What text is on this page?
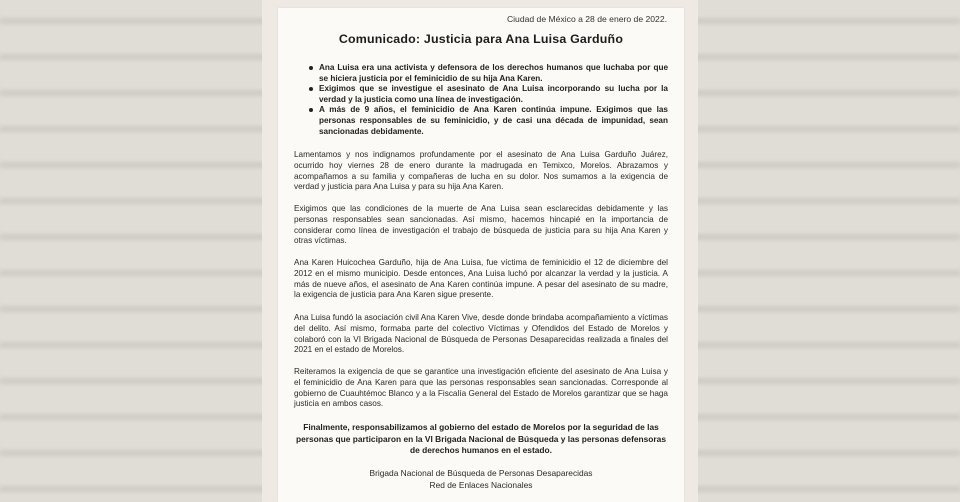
Ciudad de México a 28 de enero de 2022.
Comunicado: Justicia para Ana Luisa Garduño
Ana Luisa era una activista y defensora de los derechos humanos que luchaba por que se hiciera justicia por el feminicidio de su hija Ana Karen.
Exigimos que se investigue el asesinato de Ana Luisa incorporando su lucha por la verdad y la justicia como una línea de investigación.
A más de 9 años, el feminicidio de Ana Karen continúa impune. Exigimos que las personas responsables de su feminicidio, y de casi una década de impunidad, sean sancionadas debidamente.

Lamentamos y nos indignamos profundamente por el asesinato de Ana Luisa Garduño Juárez, ocurrido hoy viernes 28 de enero durante la madrugada en Temixco, Morelos. Abrazamos y acompañamos a su familia y compañeras de lucha en su dolor. Nos sumamos a la exigencia de verdad y justicia para Ana Luisa y para su hija Ana Karen.

Exigimos que las condiciones de la muerte de Ana Luisa sean esclarecidas debidamente y las personas responsables sean sancionadas. Así mismo, hacemos hincapié en la importancia de considerar como línea de investigación el trabajo de búsqueda de justicia para su hija Ana Karen y otras víctimas.

Ana Karen Huicochea Garduño, hija de Ana Luisa, fue víctima de feminicidio el 12 de diciembre del 2012 en el mismo municipio. Desde entonces, Ana Luisa luchó por alcanzar la verdad y la justicia. A más de nueve años, el asesinato de Ana Karen continúa impune. A pesar del asesinato de su madre, la exigencia de justicia para Ana Karen sigue presente.

Ana Luisa fundó la asociación civil Ana Karen Vive, desde donde brindaba acompañamiento a víctimas del delito. Así mismo, formaba parte del colectivo Víctimas y Ofendidos del Estado de Morelos y colaboró con la VI Brigada Nacional de Búsqueda de Personas Desaparecidas realizada a finales del 2021 en el estado de Morelos.

Reiteramos la exigencia de que se garantice una investigación eficiente del asesinato de Ana Luisa y el feminicidio de Ana Karen para que las personas responsables sean sancionadas. Corresponde al gobierno de Cuauhtémoc Blanco y a la Fiscalía General del Estado de Morelos garantizar que se haga justicia en ambos casos.

Finalmente, responsabilizamos al gobierno del estado de Morelos por la seguridad de las personas que participaron en la VI Brigada Nacional de Búsqueda y las personas defensoras de derechos humanos en el estado.

Brigada Nacional de Búsqueda de Personas Desaparecidas
Red de Enlaces Nacionales
